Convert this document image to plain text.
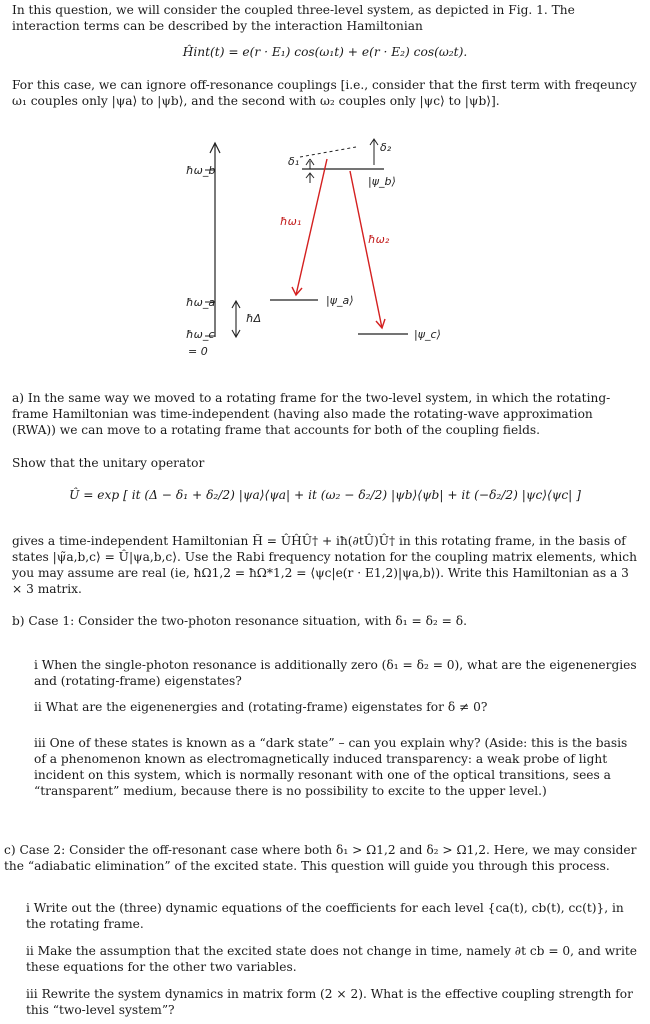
In this question, we will consider the coupled three-level system, as depicted in Fig. 1. The interaction terms can be described by the interaction Hamiltonian
Ĥint(t) = e(r · E₁) cos(ω₁t) + e(r · E₂) cos(ω₂t).
For this case, we can ignore off-resonance couplings [i.e., consider that the first term with freqeuncy ω₁ couples only |ψa⟩ to |ψb⟩, and the second with ω₂ couples only |ψc⟩ to |ψb⟩].
ħω_b
ħω_a
ħω_c
= 0
ħΔ
δ₁
δ₂
ħω₁
ħω₂
|ψ_b⟩
|ψ_a⟩
|ψ_c⟩
a) In the same way we moved to a rotating frame for the two-level system, in which the rotating-frame Hamiltonian was time-independent (having also made the rotating-wave approximation (RWA)) we can move to a rotating frame that accounts for both of the coupling fields.
Show that the unitary operator
Û = exp [ it (Δ − δ₁ + δ₂/2) |ψa⟩⟨ψa| + it (ω₂ − δ₂/2) |ψb⟩⟨ψb| + it (−δ₂/2) |ψc⟩⟨ψc| ]
gives a time-independent Hamiltonian H̃ = ÛĤÛ† + iħ(∂tÛ)Û† in this rotating frame, in the basis of states |ψ̃a,b,c⟩ = Û|ψa,b,c⟩. Use the Rabi frequency notation for the coupling matrix elements, which you may assume are real (ie, ħΩ1,2 = ħΩ*1,2 = ⟨ψc|e(r · E1,2)|ψa,b⟩). Write this Hamiltonian as a 3 × 3 matrix.
b) Case 1: Consider the two-photon resonance situation, with δ₁ = δ₂ = δ.
i When the single-photon resonance is additionally zero (δ₁ = δ₂ = 0), what are the eigenenergies and (rotating-frame) eigenstates?
ii What are the eigenenergies and (rotating-frame) eigenstates for δ ≠ 0?
iii One of these states is known as a “dark state” – can you explain why? (Aside: this is the basis of a phenomenon known as electromagnetically induced transparency: a weak probe of light incident on this system, which is normally resonant with one of the optical transitions, sees a “transparent” medium, because there is no possibility to excite to the upper level.)
c) Case 2: Consider the off-resonant case where both δ₁ > Ω1,2 and δ₂ > Ω1,2. Here, we may consider the “adiabatic elimination” of the excited state. This question will guide you through this process.
i Write out the (three) dynamic equations of the coefficients for each level {ca(t), cb(t), cc(t)}, in the rotating frame.
ii Make the assumption that the excited state does not change in time, namely ∂t cb = 0, and write these equations for the other two variables.
iii Rewrite the system dynamics in matrix form (2 × 2). What is the effective coupling strength for this “two-level system”?
